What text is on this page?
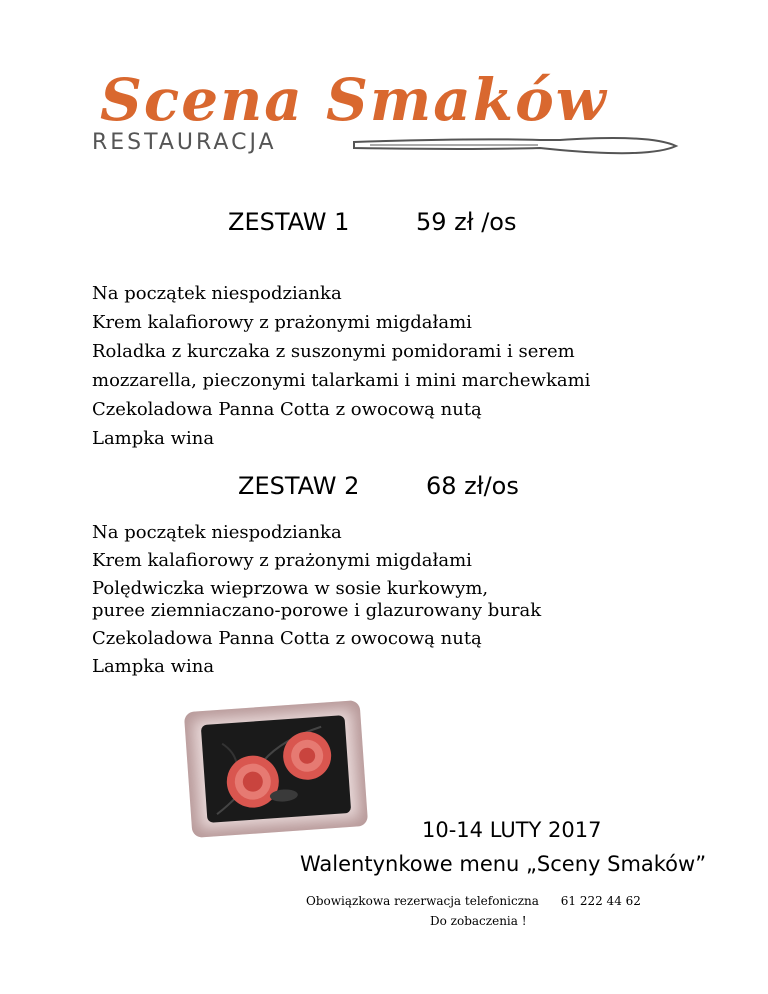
Scena Smaków
RESTAURACJA
ZESTAW 1	59 zł /os
Na początek niespodzianka
Krem kalafiorowy z prażonymi migdałami
Roladka z kurczaka z suszonymi pomidorami i serem
mozzarella, pieczonymi talarkami i mini marchewkami
Czekoladowa Panna Cotta z owocową nutą
Lampka wina
ZESTAW 2	68 zł/os
Na początek niespodzianka
Krem kalafiorowy z prażonymi migdałami
Polędwiczka wieprzowa w sosie kurkowym,
puree ziemniaczano-porowe i glazurowany burak
Czekoladowa Panna Cotta z owocową nutą
Lampka wina
10-14 LUTY 2017
Walentynkowe menu „Sceny Smaków”
Obowiązkowa rezerwacja telefoniczna 61 222 44 62
Do zobaczenia !
